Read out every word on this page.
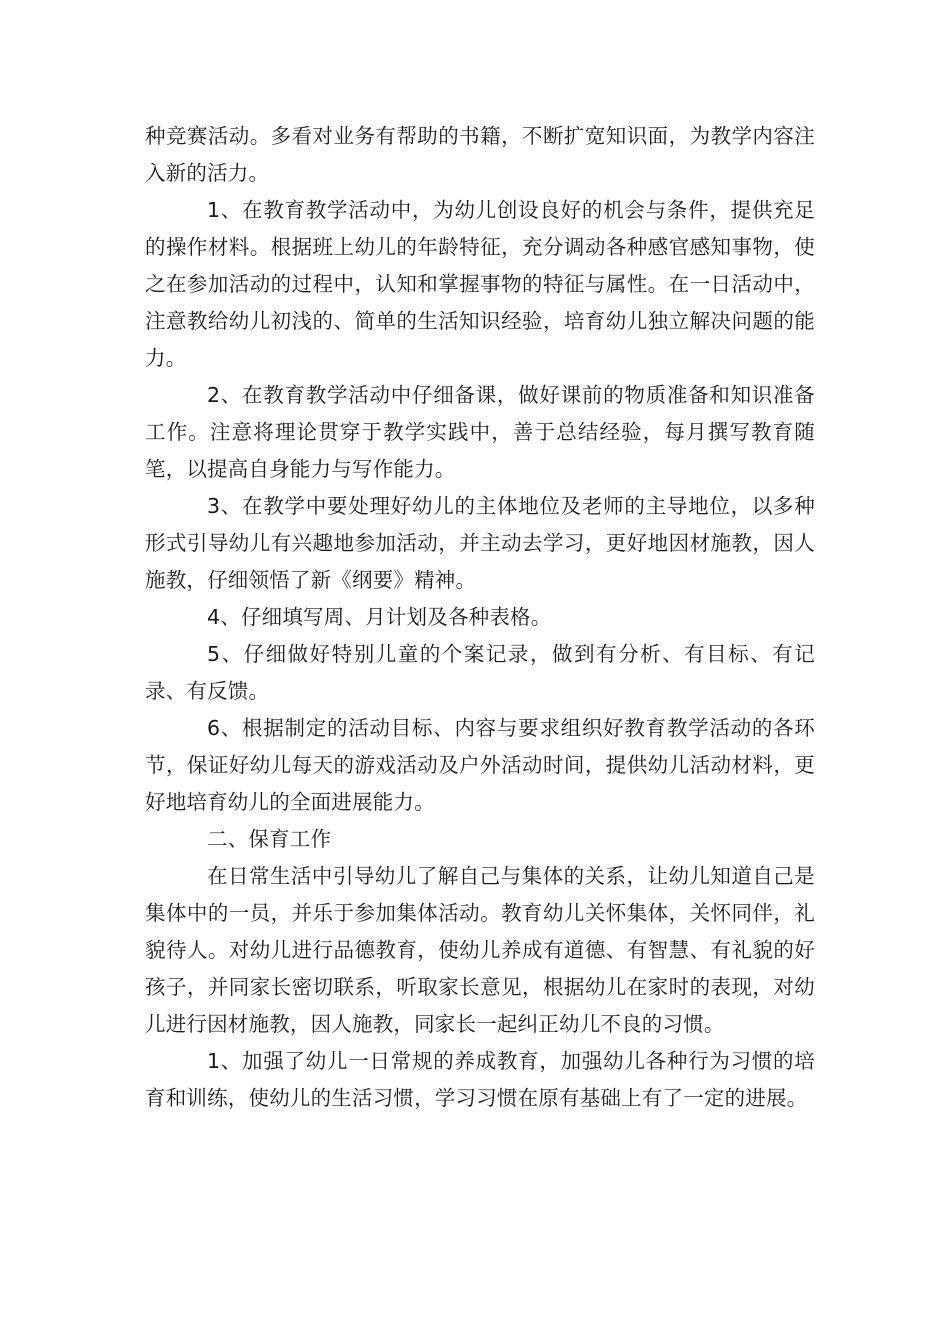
种竞赛活动。多看对业务有帮助的书籍，不断扩宽知识面，为教学内容注入新的活力。

1、在教育教学活动中，为幼儿创设良好的机会与条件，提供充足的操作材料。根据班上幼儿的年龄特征，充分调动各种感官感知事物，使之在参加活动的过程中，认知和掌握事物的特征与属性。在一日活动中，注意教给幼儿初浅的、简单的生活知识经验，培育幼儿独立解决问题的能力。

2、在教育教学活动中仔细备课，做好课前的物质准备和知识准备工作。注意将理论贯穿于教学实践中，善于总结经验，每月撰写教育随笔，以提高自身能力与写作能力。

3、在教学中要处理好幼儿的主体地位及老师的主导地位，以多种形式引导幼儿有兴趣地参加活动，并主动去学习，更好地因材施教，因人施教，仔细领悟了新《纲要》精神。

4、仔细填写周、月计划及各种表格。

5、仔细做好特别儿童的个案记录，做到有分析、有目标、有记录、有反馈。

6、根据制定的活动目标、内容与要求组织好教育教学活动的各环节，保证好幼儿每天的游戏活动及户外活动时间，提供幼儿活动材料，更好地培育幼儿的全面进展能力。

二、保育工作

在日常生活中引导幼儿了解自己与集体的关系，让幼儿知道自己是集体中的一员，并乐于参加集体活动。教育幼儿关怀集体，关怀同伴，礼貌待人。对幼儿进行品德教育，使幼儿养成有道德、有智慧、有礼貌的好孩子，并同家长密切联系，听取家长意见，根据幼儿在家时的表现，对幼儿进行因材施教，因人施教，同家长一起纠正幼儿不良的习惯。

1、加强了幼儿一日常规的养成教育，加强幼儿各种行为习惯的培育和训练，使幼儿的生活习惯，学习习惯在原有基础上有了一定的进展。
